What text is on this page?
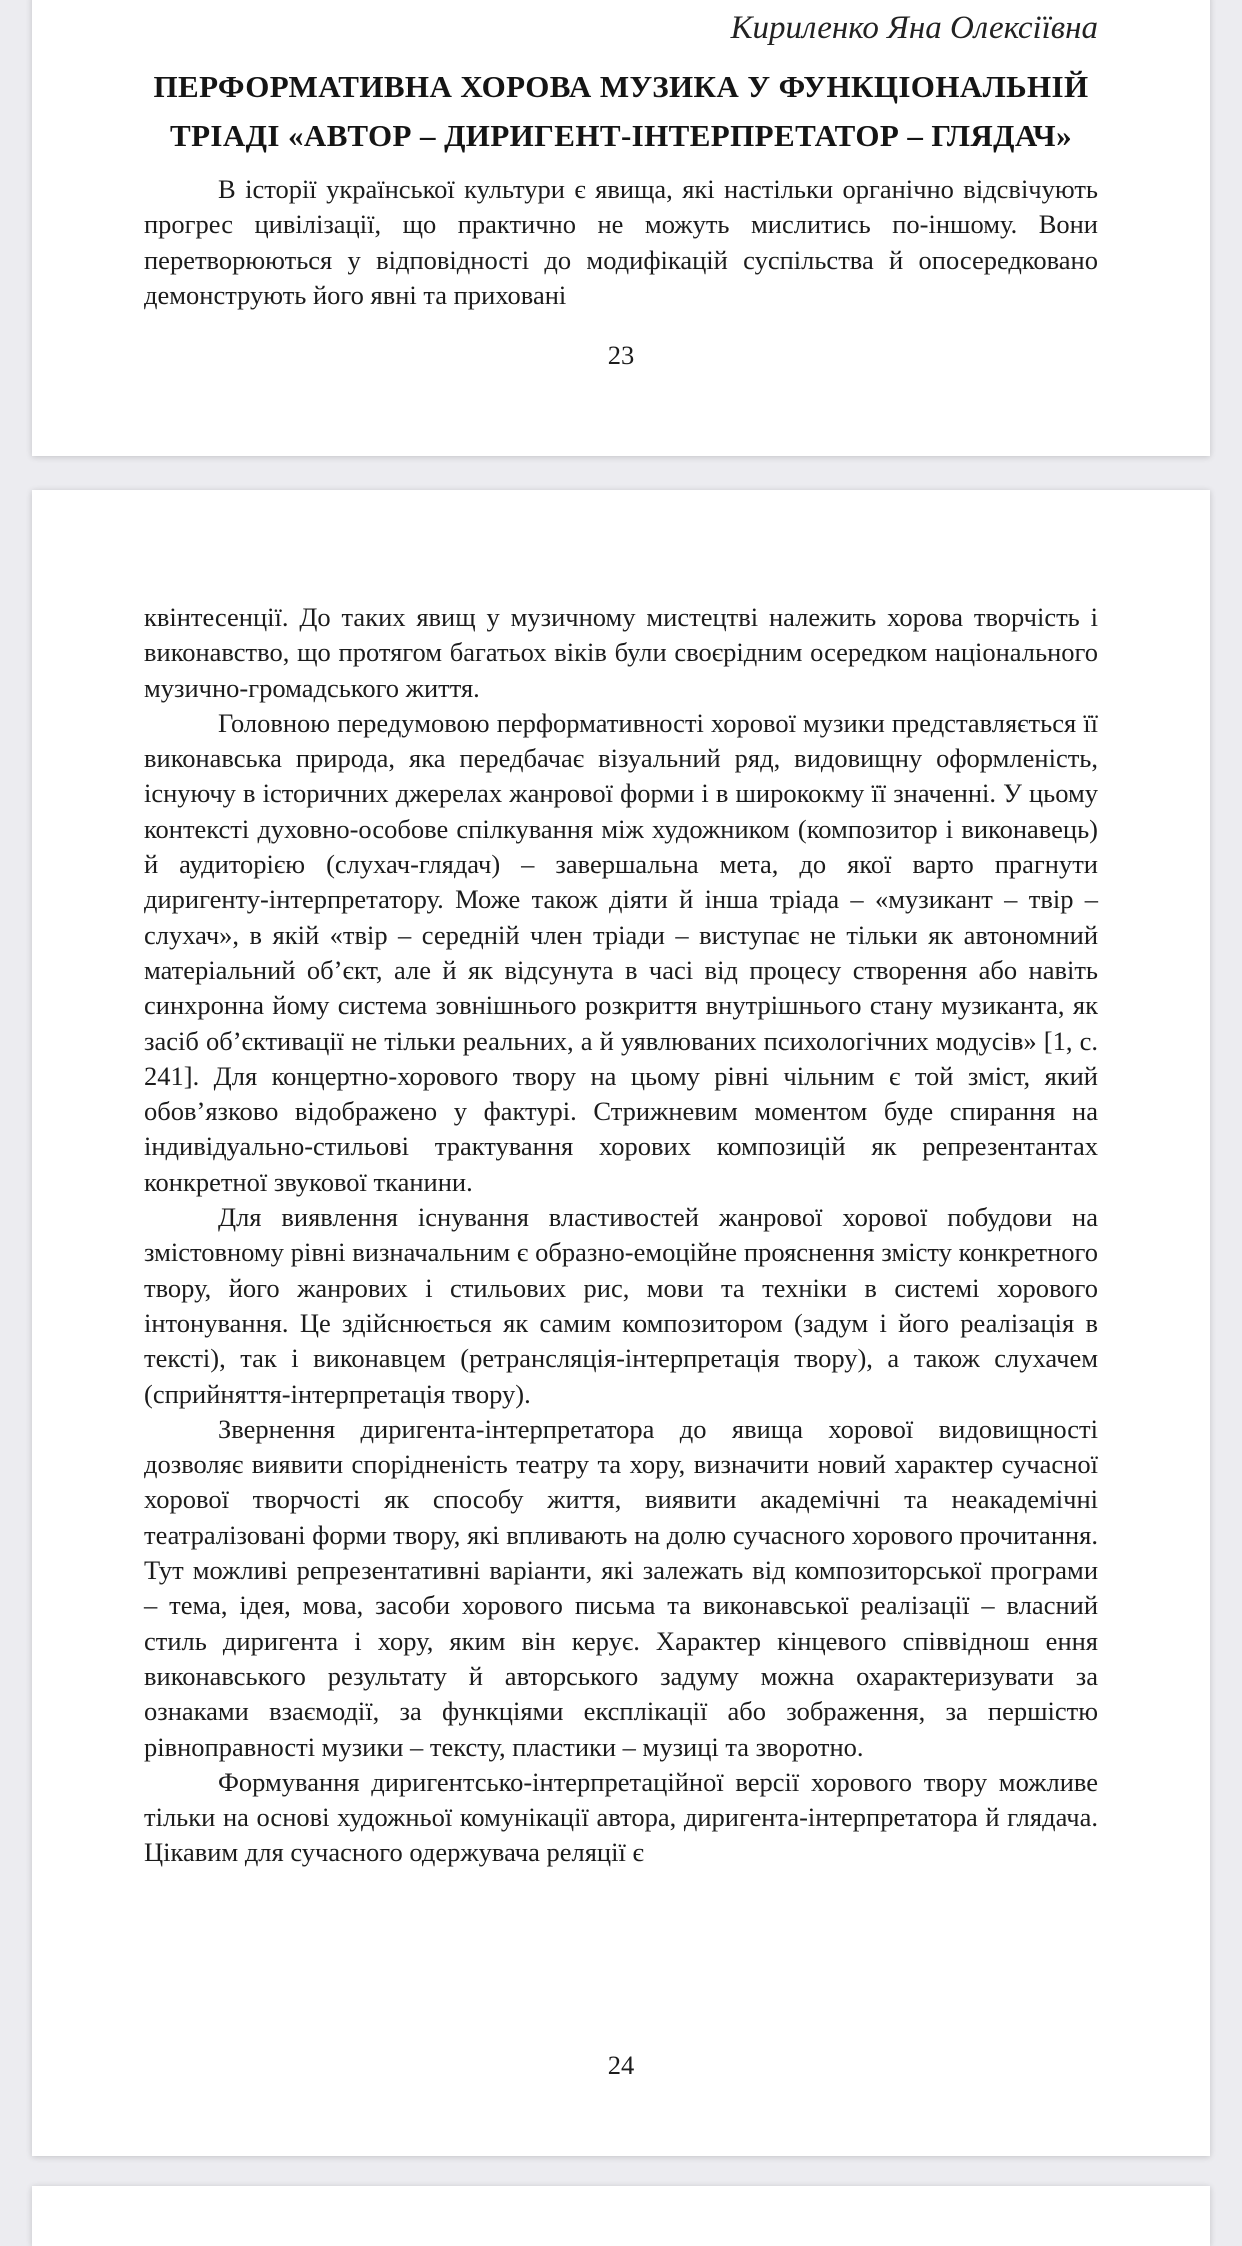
Кириленко Яна Олексіївна

ПЕРФОРМАТИВНА ХОРОВА МУЗИКА У ФУНКЦІОНАЛЬНІЙ
ТРІАДІ «АВТОР – ДИРИГЕНТ-ІНТЕРПРЕТАТОР – ГЛЯДАЧ»

В історії української культури є явища, які настільки органічно відсвічують прогрес цивілізації, що практично не можуть мислитись по-іншому. Вони перетворюються у відповідності до модифікацій суспільства й опосередковано демонструють його явні та приховані

23

квінтесенції. До таких явищ у музичному мистецтві належить хорова творчість і виконавство, що протягом багатьох віків були своєрідним осередком національного музично-громадського життя.

Головною передумовою перформативності хорової музики представляється її виконавська природа, яка передбачає візуальний ряд, видовищну оформленість, існуючу в історичних джерелах жанрової форми і в ширококму її значенні. У цьому контексті духовно-особове спілкування між художником (композитор і виконавець) й аудиторією (слухач-глядач) – завершальна мета, до якої варто прагнути диригенту-інтерпретатору. Може також діяти й інша тріада – «музикант – твір – слухач», в якій «твір – середній член тріади – виступає не тільки як автономний матеріальний об’єкт, але й як відсунута в часі від процесу створення або навіть синхронна йому система зовнішнього розкриття внутрішнього стану музиканта, як засіб об’єктивації не тільки реальних, а й уявлюваних психологічних модусів» [1, с. 241]. Для концертно-хорового твору на цьому рівні чільним є той зміст, який обов’язково відображено у фактурі. Стрижневим моментом буде спирання на індивідуально-стильові трактування хорових композицій як репрезентантах конкретної звукової тканини.

Для виявлення існування властивостей жанрової хорової побудови на змістовному рівні визначальним є образно-емоційне прояснення змісту конкретного твору, його жанрових і стильових рис, мови та техніки в системі хорового інтонування. Це здійснюється як самим композитором (задум і його реалізація в тексті), так і виконавцем (ретрансляція-інтерпретація твору), а також слухачем (сприйняття-інтерпретація твору).

Звернення диригента-інтерпретатора до явища хорової видовищності дозволяє виявити спорідненість театру та хору, визначити новий характер сучасної хорової творчості як способу життя, виявити академічні та неакадемічні театралізовані форми твору, які впливають на долю сучасного хорового прочитання. Тут можливі репрезентативні варіанти, які залежать від композиторської програми – тема, ідея, мова, засоби хорового письма та виконавської реалізації – власний стиль диригента і хору, яким він керує. Характер кінцевого співвіднош ення виконавського результату й авторського задуму можна охарактеризувати за ознаками взаємодії, за функціями експлікації або зображення, за першістю рівноправності музики – тексту, пластики – музиці та зворотно.

Формування диригентсько-інтерпретаційної версії хорового твору можливе тільки на основі художньої комунікації автора, диригента-інтерпретатора й глядача. Цікавим для сучасного одержувача реляції є

24
